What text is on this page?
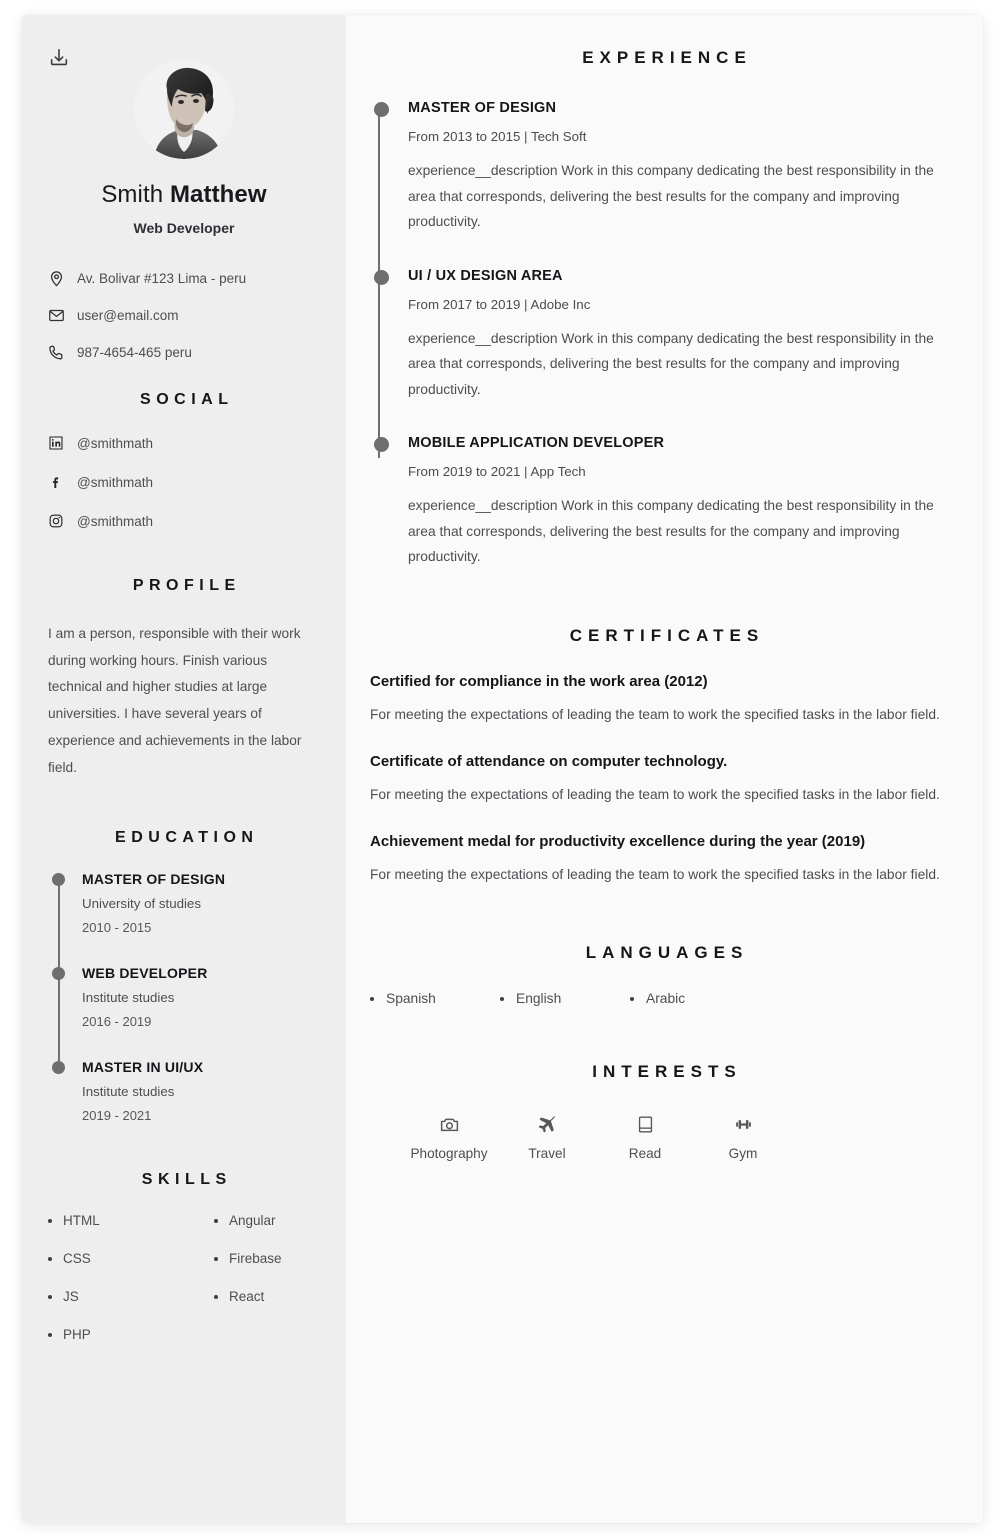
Smith Matthew
Web Developer
Av. Bolivar #123 Lima - peru
user@email.com
987-4654-465 peru
SOCIAL
@smithmath
@smithmath
@smithmath
PROFILE

I am a person, responsible with their work during working hours. Finish various technical and higher studies at large universities. I have several years of experience and achievements in the labor field.

EDUCATION
MASTER OF DESIGN
University of studies
2010 - 2015
WEB DEVELOPER
Institute studies
2016 - 2019
MASTER IN UI/UX
Institute studies
2019 - 2021
SKILLS
HTML	Angular
CSS	Firebase
JS	React
PHP
EXPERIENCE
MASTER OF DESIGN
From 2013 to 2015 | Tech Soft
experience__description Work in this company dedicating the best responsibility in the area that corresponds, delivering the best results for the company and improving productivity.
UI / UX DESIGN AREA
From 2017 to 2019 | Adobe Inc
experience__description Work in this company dedicating the best responsibility in the area that corresponds, delivering the best results for the company and improving productivity.
MOBILE APPLICATION DEVELOPER
From 2019 to 2021 | App Tech
experience__description Work in this company dedicating the best responsibility in the area that corresponds, delivering the best results for the company and improving productivity.
CERTIFICATES
Certified for compliance in the work area (2012)
For meeting the expectations of leading the team to work the specified tasks in the labor field.
Certificate of attendance on computer technology.
For meeting the expectations of leading the team to work the specified tasks in the labor field.
Achievement medal for productivity excellence during the year (2019)
For meeting the expectations of leading the team to work the specified tasks in the labor field.
LANGUAGES
Spanish	English	Arabic
INTERESTS
Photography	Travel	Read	Gym
